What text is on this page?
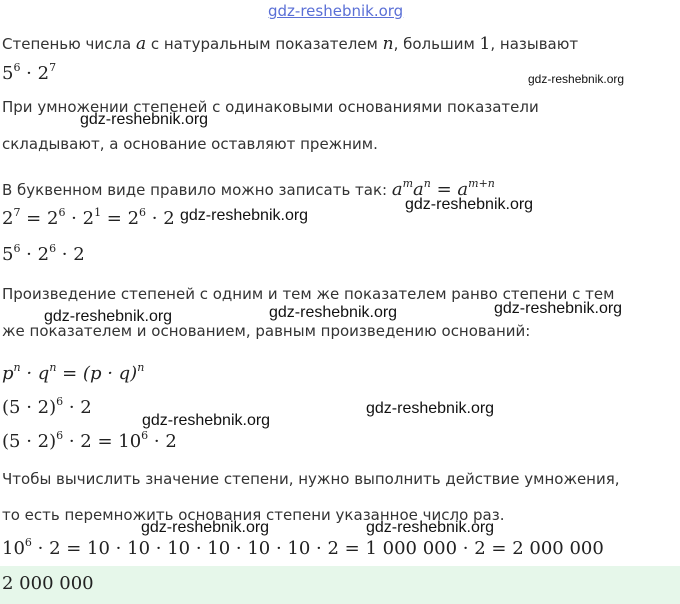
gdz-reshebnik.org
Степенью числа a с натуральным показателем n, большим 1, называют
$5^6 \cdot 2^7$
При умножении степеней с одинаковыми основаниями показатели
складывают, а основание оставляют прежним.
В буквенном виде правило можно записать так: $a^ma^n = a^{m+n}$
$2^7 = 2^6 \cdot 2^1 = 2^6 \cdot 2$
$5^6 \cdot 2^6 \cdot 2$
Произведение степеней с одним и тем же показателем ранво степени с тем
же показателем и основанием, равным произведению оснований:
$p^n \cdot q^n = (p \cdot q)^n$
$(5 \cdot 2)^6 \cdot 2$
$(5 \cdot 2)^6 \cdot 2 = 10^6 \cdot 2$
Чтобы вычислить значение степени, нужно выполнить действие умножения,
то есть перемножить основания степени указанное число раз.
$10^6 \cdot 2 = 10 \cdot 10 \cdot 10 \cdot 10 \cdot 10 \cdot 10 \cdot 2 = 1$ 000 000 · 2 = 2 000 000
2 000 000
gdz-reshebnik.org
gdz-reshebnik.org
gdz-reshebnik.org
gdz-reshebnik.org
gdz-reshebnik.org	gdz-reshebnik.org	gdz-reshebnik.org
gdz-reshebnik.org
gdz-reshebnik.org
gdz-reshebnik.org	gdz-reshebnik.org
